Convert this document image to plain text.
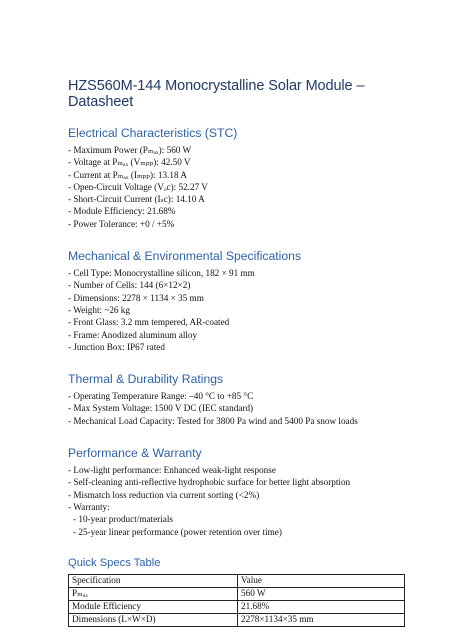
HZS560M-144 Monocrystalline Solar Module – Datasheet
Electrical Characteristics (STC)
- Maximum Power (Pₘₐₓ): 560 W
- Voltage at Pₘₐₓ (Vₘₚₚ): 42.50 V
- Current at Pₘₐₓ (Iₘₚₚ): 13.18 A
- Open-Circuit Voltage (Vₒc): 52.27 V
- Short-Circuit Current (Iₛc): 14.10 A
- Module Efficiency: 21.68%
- Power Tolerance: +0 / +5%
Mechanical & Environmental Specifications
- Cell Type: Monocrystalline silicon, 182 × 91 mm
- Number of Cells: 144 (6×12×2)
- Dimensions: 2278 × 1134 × 35 mm
- Weight: ~26 kg
- Front Glass: 3.2 mm tempered, AR-coated
- Frame: Anodized aluminum alloy
- Junction Box: IP67 rated
Thermal & Durability Ratings
- Operating Temperature Range: –40 °C to +85 °C
- Max System Voltage: 1500 V DC (IEC standard)
- Mechanical Load Capacity: Tested for 3800 Pa wind and 5400 Pa snow loads
Performance & Warranty
- Low-light performance: Enhanced weak-light response
- Self-cleaning anti-reflective hydrophobic surface for better light absorption
- Mismatch loss reduction via current sorting (<2%)
- Warranty:
- 10-year product/materials
- 25-year linear performance (power retention over time)
Quick Specs Table
Specification	Value
Pₘₐₓ	560 W
Module Efficiency	21.68%
Dimensions (L×W×D)	2278×1134×35 mm
